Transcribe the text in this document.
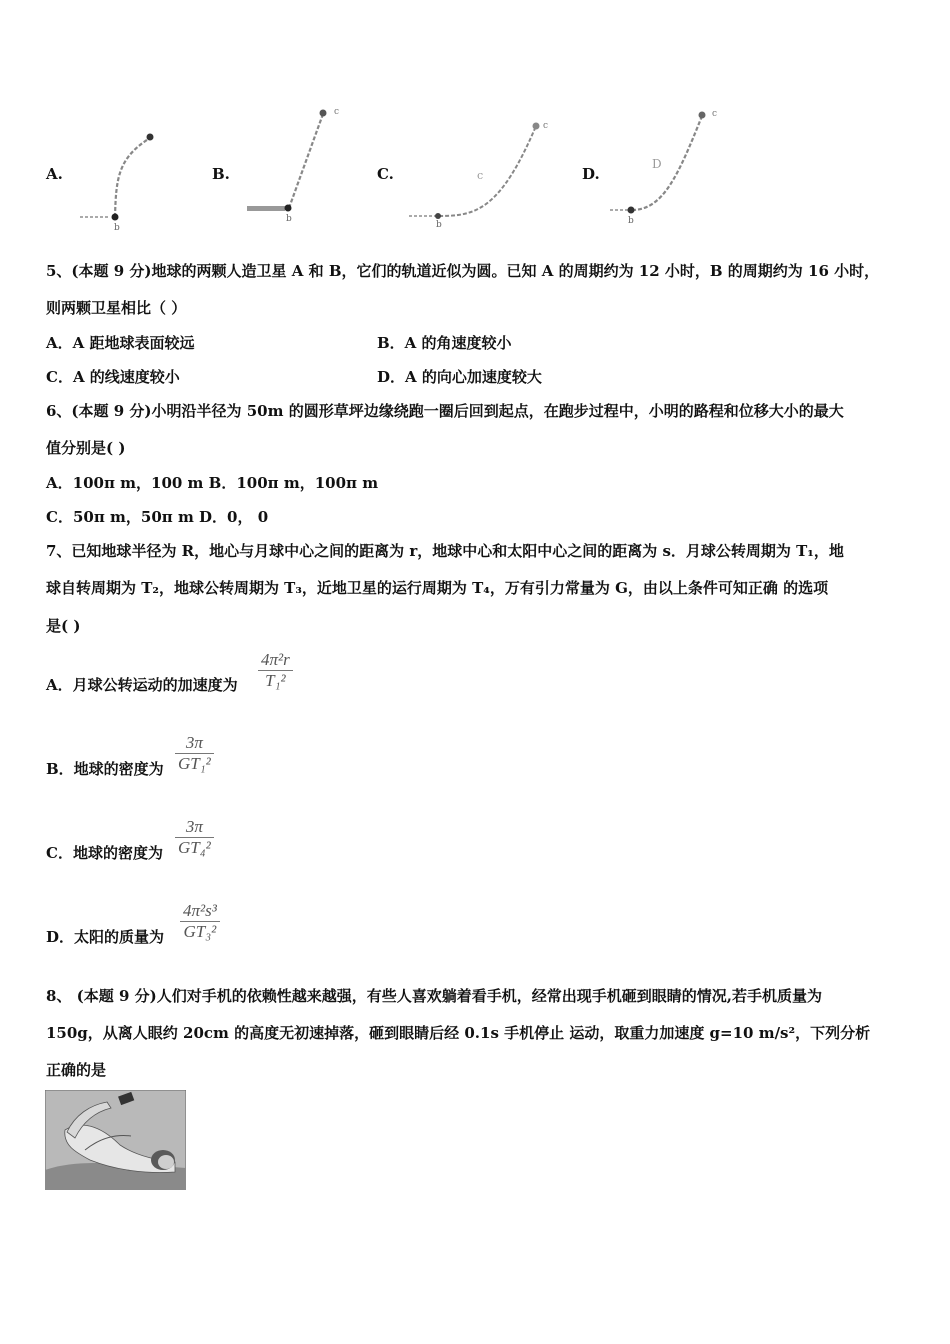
A.
b
B.
c
b
C.
c
c
b
D.
c
D
b
5、(本题 9 分)地球的两颗人造卫星 A 和 B，它们的轨道近似为圆。已知 A 的周期约为 12 小时，B 的周期约为 16 小时，
则两颗卫星相比（ ）
A．A 距地球表面较远	B．A 的角速度较小
C．A 的线速度较小	D．A 的向心加速度较大
6、(本题 9 分)小明沿半径为 50m 的圆形草坪边缘绕跑一圈后回到起点，在跑步过程中，小明的路程和位移大小的最大
值分别是( )
A．100π m，100 m B．100π m，100π m
C．50π m，50π m D．0， 0
7、已知地球半径为 R，地心与月球中心之间的距离为 r，地球中心和太阳中心之间的距离为 s．月球公转周期为 T₁，地
球自转周期为 T₂，地球公转周期为 T₃，近地卫星的运行周期为 T₄，万有引力常量为 G，由以上条件可知正确 的选项
是( )
A．月球公转运动的加速度为
4π²r
T₁²
B．地球的密度为
3π
GT₁²
C．地球的密度为
3π
GT₄²
D．太阳的质量为
4π²s³
GT₃²
8、 (本题 9 分)人们对手机的依赖性越来越强，有些人喜欢躺着看手机，经常出现手机砸到眼睛的情况,若手机质量为
150g，从离人眼约 20cm 的高度无初速掉落，砸到眼睛后经 0.1s 手机停止 运动，取重力加速度 g=10 m/s²，下列分析
正确的是
